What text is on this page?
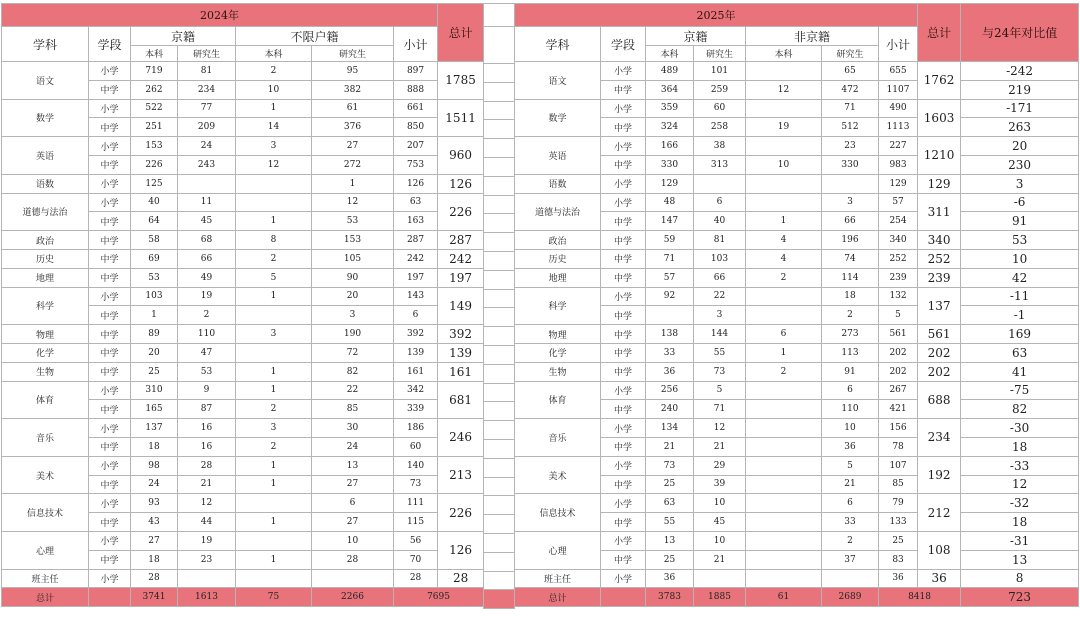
2024年							总计
学科	学段	京籍		不限户籍		小计	
		本科	研究生	本科	研究生		
语文	小学	719	81	2	95	897	1785
	中学	262	234	10	382	888	
数学	小学	522	77	1	61	661	1511
	中学	251	209	14	376	850	
英语	小学	153	24	3	27	207	960
	中学	226	243	12	272	753	
语数	小学	125			1	126	126
道德与法治	小学	40	11		12	63	226
	中学	64	45	1	53	163	
政治	中学	58	68	8	153	287	287
历史	中学	69	66	2	105	242	242
地理	中学	53	49	5	90	197	197
科学	小学	103	19	1	20	143	149
	中学	1	2		3	6	
物理	中学	89	110	3	190	392	392
化学	中学	20	47		72	139	139
生物	中学	25	53	1	82	161	161
体育	小学	310	9	1	22	342	681
	中学	165	87	2	85	339	
音乐	小学	137	16	3	30	186	246
	中学	18	16	2	24	60	
美术	小学	98	28	1	13	140	213
	中学	24	21	1	27	73	
信息技术	小学	93	12		6	111	226
	中学	43	44	1	27	115	
心理	小学	27	19		10	56	126
	中学	18	23	1	28	70	
班主任	小学	28				28	28
总计		3741	1613	75	2266	7695	

2025年							总计	与24年对比值
学科	学段	京籍		非京籍		小计		
		本科	研究生	本科	研究生			
语文	小学	489	101		65	655	1762	-242
	中学	364	259	12	472	1107		219
数学	小学	359	60		71	490	1603	-171
	中学	324	258	19	512	1113		263
英语	小学	166	38		23	227	1210	20
	中学	330	313	10	330	983		230
语数	小学	129				129	129	3
道德与法治	小学	48	6		3	57	311	-6
	中学	147	40	1	66	254		91
政治	中学	59	81	4	196	340	340	53
历史	中学	71	103	4	74	252	252	10
地理	中学	57	66	2	114	239	239	42
科学	小学	92	22		18	132	137	-11
	中学		3		2	5		-1
物理	中学	138	144	6	273	561	561	169
化学	中学	33	55	1	113	202	202	63
生物	中学	36	73	2	91	202	202	41
体育	小学	256	5		6	267	688	-75
	中学	240	71		110	421		82
音乐	小学	134	12		10	156	234	-30
	中学	21	21		36	78		18
美术	小学	73	29		5	107	192	-33
	中学	25	39		21	85		12
信息技术	小学	63	10		6	79	212	-32
	中学	55	45		33	133		18
心理	小学	13	10		2	25	108	-31
	中学	25	21		37	83		13
班主任	小学	36				36	36	8
总计		3783	1885	61	2689	8418		723
